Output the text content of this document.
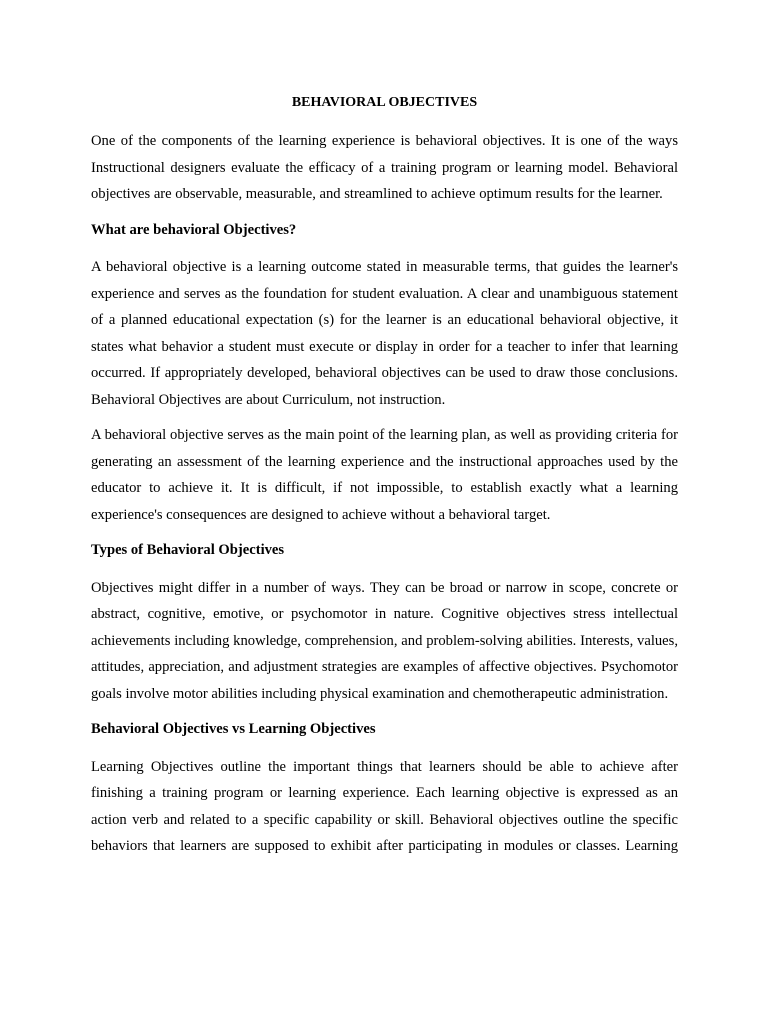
BEHAVIORAL OBJECTIVES

One of the components of the learning experience is behavioral objectives. It is one of the ways Instructional designers evaluate the efficacy of a training program or learning model. Behavioral objectives are observable, measurable, and streamlined to achieve optimum results for the learner.

What are behavioral Objectives?

A behavioral objective is a learning outcome stated in measurable terms, that guides the learner's experience and serves as the foundation for student evaluation. A clear and unambiguous statement of a planned educational expectation (s) for the learner is an educational behavioral objective, it states what behavior a student must execute or display in order for a teacher to infer that learning occurred. If appropriately developed, behavioral objectives can be used to draw those conclusions. Behavioral Objectives are about Curriculum, not instruction.

A behavioral objective serves as the main point of the learning plan, as well as providing criteria for generating an assessment of the learning experience and the instructional approaches used by the educator to achieve it. It is difficult, if not impossible, to establish exactly what a learning experience's consequences are designed to achieve without a behavioral target.

Types of Behavioral Objectives

Objectives might differ in a number of ways. They can be broad or narrow in scope, concrete or abstract, cognitive, emotive, or psychomotor in nature. Cognitive objectives stress intellectual achievements including knowledge, comprehension, and problem-solving abilities. Interests, values, attitudes, appreciation, and adjustment strategies are examples of affective objectives. Psychomotor goals involve motor abilities including physical examination and chemotherapeutic administration.

Behavioral Objectives vs Learning Objectives

Learning Objectives outline the important things that learners should be able to achieve after finishing a training program or learning experience. Each learning objective is expressed as an action verb and related to a specific capability or skill. Behavioral objectives outline the specific behaviors that learners are supposed to exhibit after participating in modules or classes. Learning
